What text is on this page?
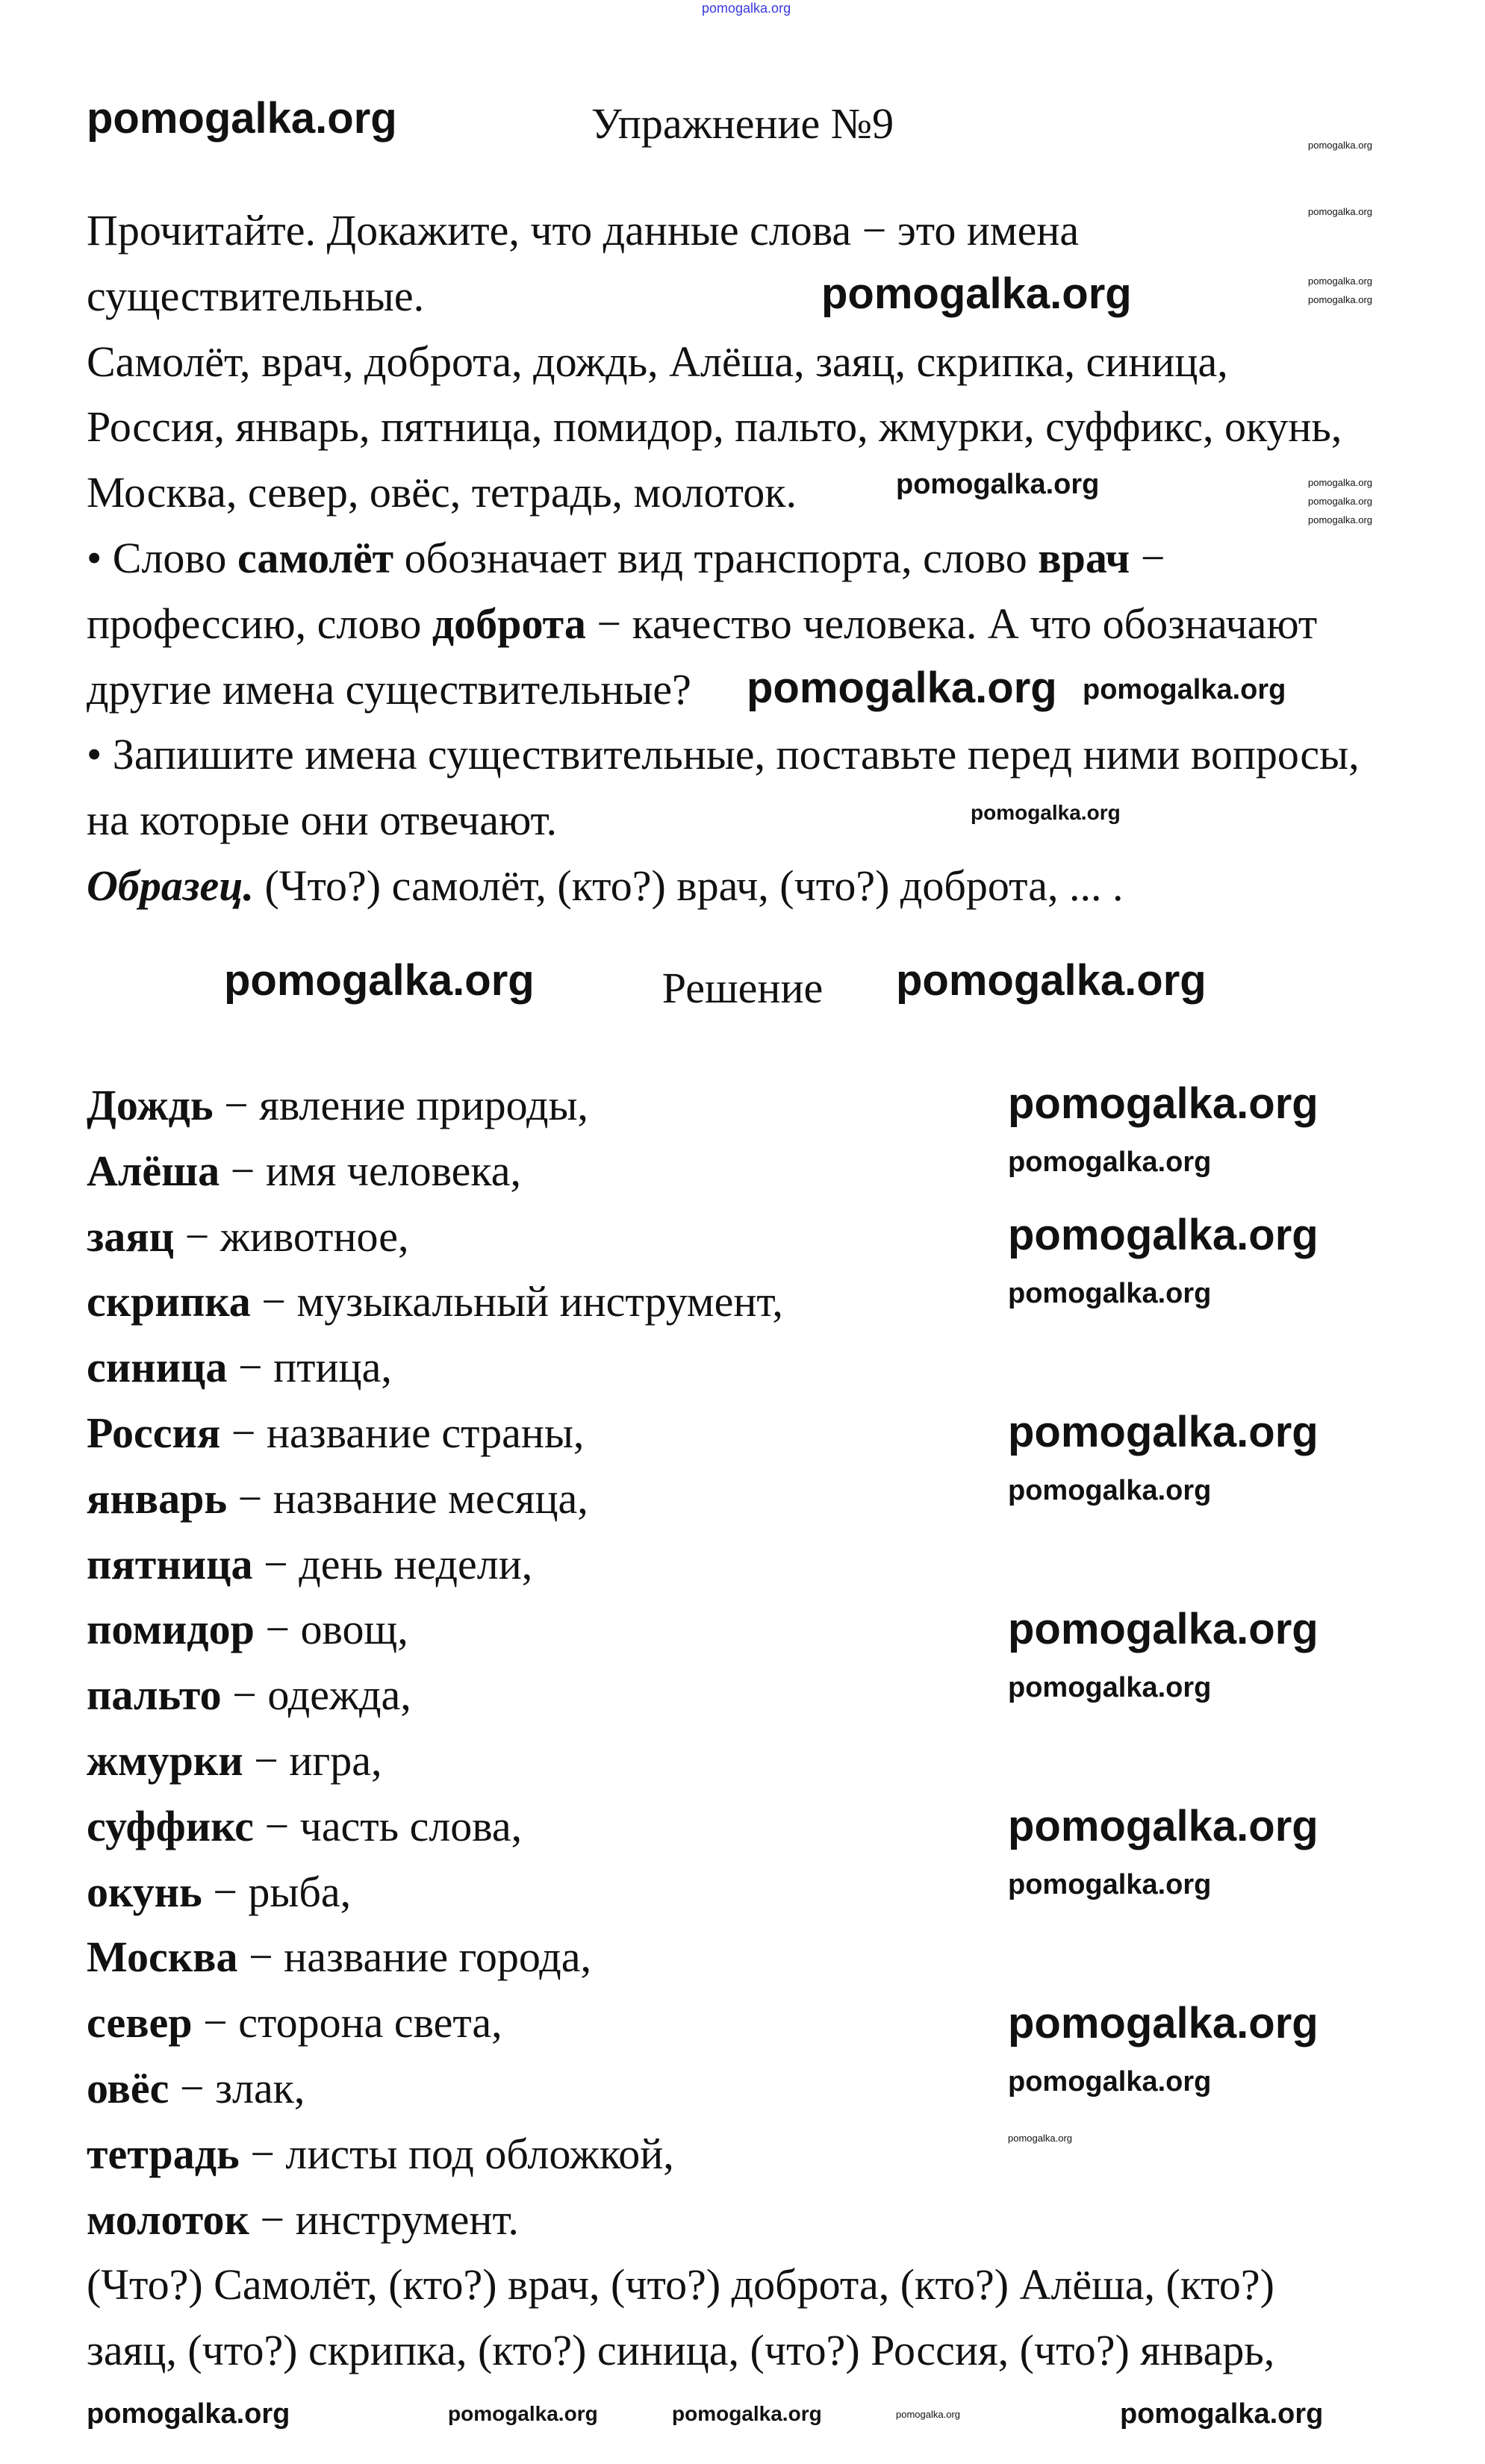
Упражнение №9
Прочитайте. Докажите, что данные слова − это имена
существительные.
Самолёт, врач, доброта, дождь, Алёша, заяц, скрипка, синица,
Россия, январь, пятница, помидор, пальто, жмурки, суффикс, окунь,
Москва, север, овёс, тетрадь, молоток.
• Слово самолёт обозначает вид транспорта, слово врач −
профессию, слово доброта − качество человека. А что обозначают
другие имена существительные?
• Запишите имена существительные, поставьте перед ними вопросы,
на которые они отвечают.
Образец. (Что?) самолёт, (кто?) врач, (что?) доброта, ... .
Решение
Дождь − явление природы,
Алёша − имя человека,
заяц − животное,
скрипка − музыкальный инструмент,
синица − птица,
Россия − название страны,
январь − название месяца,
пятница − день недели,
помидор − овощ,
пальто − одежда,
жмурки − игра,
суффикс − часть слова,
окунь − рыба,
Москва − название города,
север − сторона света,
овёс − злак,
тетрадь − листы под обложкой,
молоток − инструмент.
(Что?) Самолёт, (кто?) врач, (что?) доброта, (кто?) Алёша, (кто?)
заяц, (что?) скрипка, (кто?) синица, (что?) Россия, (что?) январь,
pomogalka.org
pomogalka.org
pomogalka.org
pomogalka.org
pomogalka.org	pomogalka.org
pomogalka.org
pomogalka.org
pomogalka.org
pomogalka.org
pomogalka.org
pomogalka.org
pomogalka.org
pomogalka.org
pomogalka.org
pomogalka.org
pomogalka.org
pomogalka.org
pomogalka.org
pomogalka.org
pomogalka.org
pomogalka.org
pomogalka.org	pomogalka.org	pomogalka.org	pomogalka.org	pomogalka.org
pomogalka.org
pomogalka.org
pomogalka.org
pomogalka.org
pomogalka.org
pomogalka.org
pomogalka.org
